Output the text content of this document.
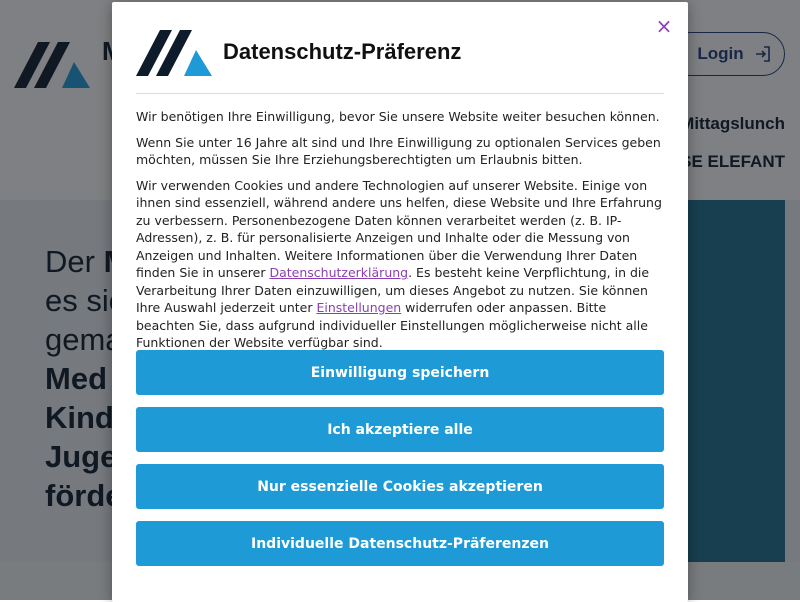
×
Datenschutz-Präferenz

Wir benötigen Ihre Einwilligung, bevor Sie unsere Website weiter besuchen können.

Wenn Sie unter 16 Jahre alt sind und Ihre Einwilligung zu optionalen Services geben möchten, müssen Sie Ihre Erziehungsberechtigten um Erlaubnis bitten.

Wir verwenden Cookies und andere Technologien auf unserer Website. Einige von ihnen sind essenziell, während andere uns helfen, diese Website und Ihre Erfahrung zu verbessern. Personenbezogene Daten können verarbeitet werden (z. B. IP-Adressen), z. B. für personalisierte Anzeigen und Inhalte oder die Messung von Anzeigen und Inhalten. Weitere Informationen über die Verwendung Ihrer Daten finden Sie in unserer Datenschutzerklärung. Es besteht keine Verpflichtung, in die Verarbeitung Ihrer Daten einzuwilligen, um dieses Angebot zu nutzen. Sie können Ihre Auswahl jederzeit unter Einstellungen widerrufen oder anpassen. Bitte beachten Sie, dass aufgrund individueller Einstellungen möglicherweise nicht alle Funktionen der Website verfügbar sind.

Einwilligung speichern
Ich akzeptiere alle
Nur essenzielle Cookies akzeptieren
Individuelle Datenschutz-Präferenzen
